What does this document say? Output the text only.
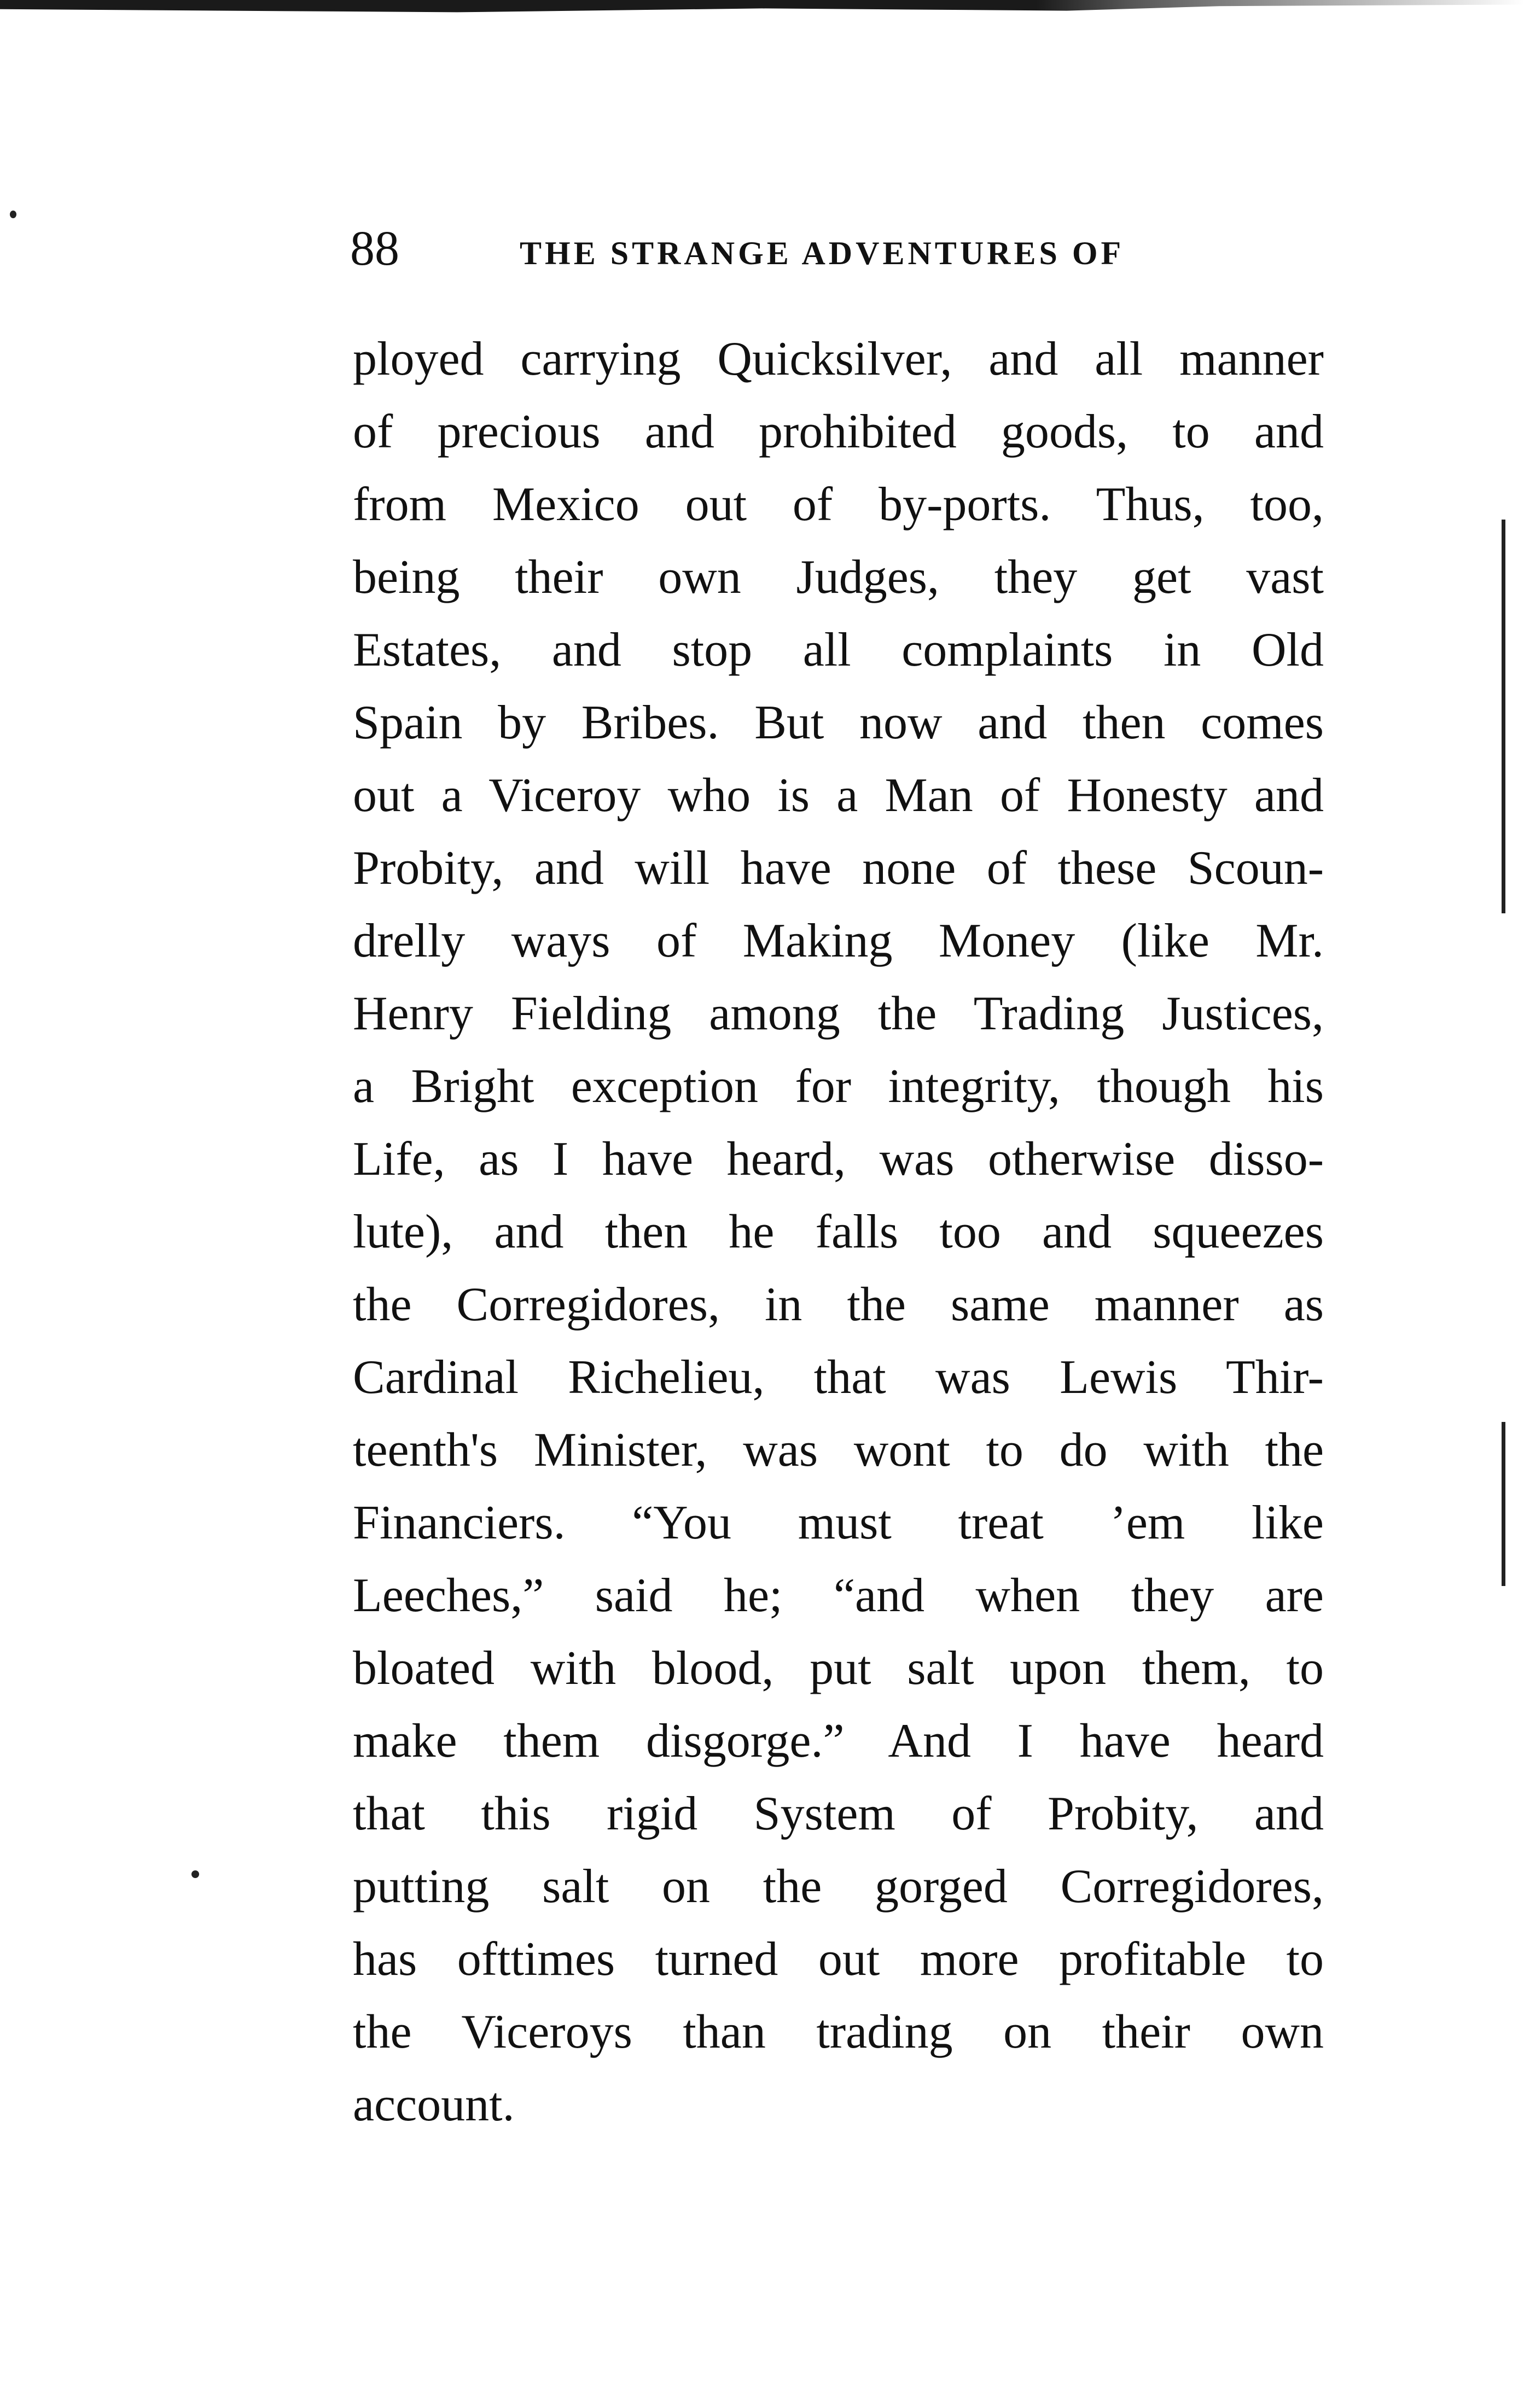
88	THE STRANGE ADVENTURES OF
ployed carrying Quicksilver, and all manner
of precious and prohibited goods, to and
from Mexico out of by-ports. Thus, too,
being their own Judges, they get vast
Estates, and stop all complaints in Old
Spain by Bribes. But now and then comes
out a Viceroy who is a Man of Honesty and
Probity, and will have none of these Scoun-
drelly ways of Making Money (like Mr.
Henry Fielding among the Trading Justices,
a Bright exception for integrity, though his
Life, as I have heard, was otherwise disso-
lute), and then he falls too and squeezes
the Corregidores, in the same manner as
Cardinal Richelieu, that was Lewis Thir-
teenth's Minister, was wont to do with the
Financiers. “You must treat ’em like
Leeches,” said he; “and when they are
bloated with blood, put salt upon them, to
make them disgorge.” And I have heard
that this rigid System of Probity, and
putting salt on the gorged Corregidores,
has ofttimes turned out more profitable to
the Viceroys than trading on their own
account.
